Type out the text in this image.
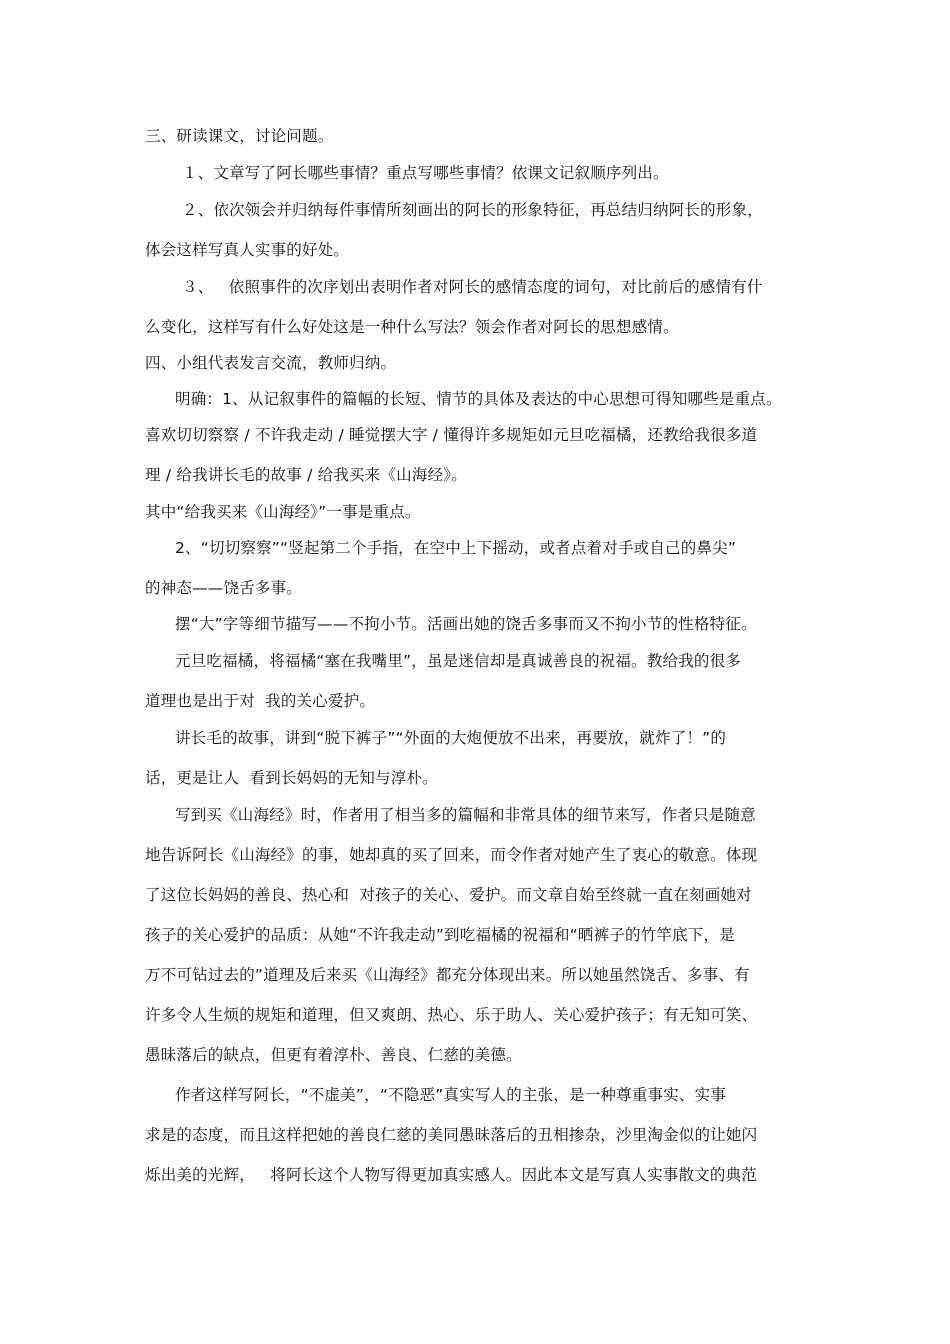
三、研读课文，讨论问题。
１、文章写了阿长哪些事情？重点写哪些事情？依课文记叙顺序列出。
２、依次领会并归纳每件事情所刻画出的阿长的形象特征，再总结归纳阿长的形象，
体会这样写真人实事的好处。
３、   依照事件的次序划出表明作者对阿长的感情态度的词句，对比前后的感情有什
么变化，这样写有什么好处这是一种什么写法？领会作者对阿长的思想感情。
四、小组代表发言交流，教师归纳。
明确：1、从记叙事件的篇幅的长短、情节的具体及表达的中心思想可得知哪些是重点。
喜欢切切察察 / 不许我走动 / 睡觉摆大字 / 懂得许多规矩如元旦吃福橘，还教给我很多道
理 / 给我讲长毛的故事 / 给我买来《山海经》。
其中“给我买来《山海经》”一事是重点。
2、“切切察察”“竖起第二个手指，在空中上下摇动，或者点着对手或自己的鼻尖”
的神态——饶舌多事。
摆“大”字等细节描写——不拘小节。活画出她的饶舌多事而又不拘小节的性格特征。
元旦吃福橘，将福橘“塞在我嘴里”，虽是迷信却是真诚善良的祝福。教给我的很多
道理也是出于对  我的关心爱护。
讲长毛的故事，讲到“脱下裤子”“外面的大炮便放不出来，再要放，就炸了！”的
话，更是让人  看到长妈妈的无知与淳朴。
写到买《山海经》时，作者用了相当多的篇幅和非常具体的细节来写，作者只是随意
地告诉阿长《山海经》的事，她却真的买了回来，而令作者对她产生了衷心的敬意。体现
了这位长妈妈的善良、热心和  对孩子的关心、爱护。而文章自始至终就一直在刻画她对
孩子的关心爱护的品质：从她“不许我走动”到吃福橘的祝福和“晒裤子的竹竿底下，是
万不可钻过去的”道理及后来买《山海经》都充分体现出来。所以她虽然饶舌、多事、有
许多令人生烦的规矩和道理，但又爽朗、热心、乐于助人、关心爱护孩子；有无知可笑、
愚昧落后的缺点，但更有着淳朴、善良、仁慈的美德。
作者这样写阿长，“不虚美”，“不隐恶”真实写人的主张，是一种尊重事实、实事
求是的态度，而且这样把她的善良仁慈的美同愚昧落后的丑相掺杂，沙里淘金似的让她闪
烁出美的光辉，   将阿长这个人物写得更加真实感人。因此本文是写真人实事散文的典范
